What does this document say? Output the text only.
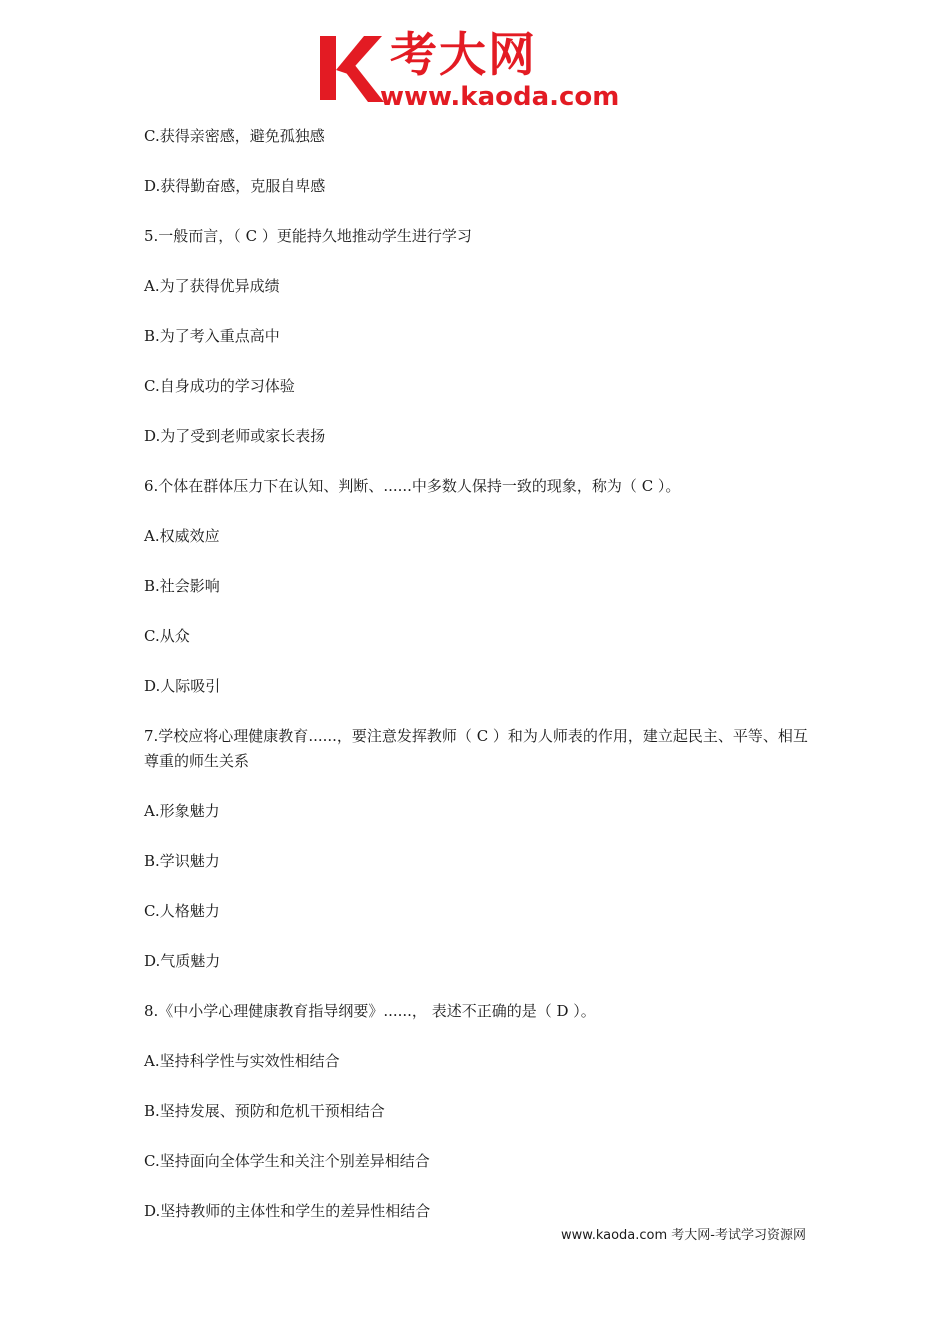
考大网
www.kaoda.com

C.获得亲密感，避免孤独感

D.获得勤奋感，克服自卑感

5.一般而言，（ C ）更能持久地推动学生进行学习

A.为了获得优异成绩

B.为了考入重点高中

C.自身成功的学习体验

D.为了受到老师或家长表扬

6.个体在群体压力下在认知、判断、......中多数人保持一致的现象，称为（ C ）。

A.权威效应

B.社会影响

C.从众

D.人际吸引

7.学校应将心理健康教育......，要注意发挥教师（ C ）和为人师表的作用，建立起民主、平等、相互尊重的师生关系

A.形象魅力

B.学识魅力

C.人格魅力

D.气质魅力

8.《中小学心理健康教育指导纲要》......， 表述不正确的是（ D ）。

A.坚持科学性与实效性相结合

B.坚持发展、预防和危机干预相结合

C.坚持面向全体学生和关注个别差异相结合

D.坚持教师的主体性和学生的差异性相结合

www.kaoda.com 考大网-考试学习资源网
